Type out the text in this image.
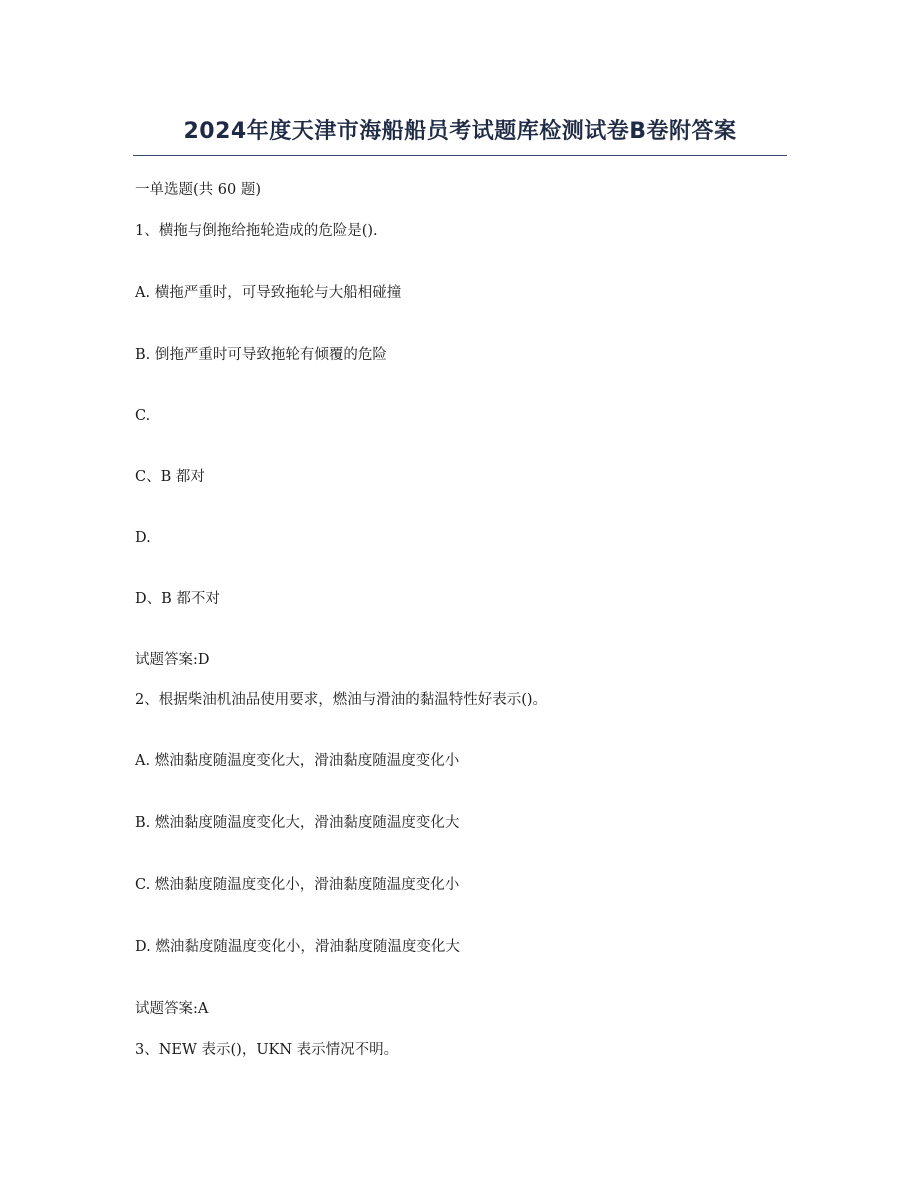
2024年度天津市海船船员考试题库检测试卷B卷附答案
一单选题(共 60 题)
1、横拖与倒拖给拖轮造成的危险是().
A. 横拖严重时，可导致拖轮与大船相碰撞
B. 倒拖严重时可导致拖轮有倾覆的危险
C.
C、B 都对
D.
D、B 都不对
试题答案:D
2、根据柴油机油品使用要求，燃油与滑油的黏温特性好表示()。
A. 燃油黏度随温度变化大，滑油黏度随温度变化小
B. 燃油黏度随温度变化大，滑油黏度随温度变化大
C. 燃油黏度随温度变化小，滑油黏度随温度变化小
D. 燃油黏度随温度变化小，滑油黏度随温度变化大
试题答案:A
3、NEW 表示()，UKN 表示情况不明。
